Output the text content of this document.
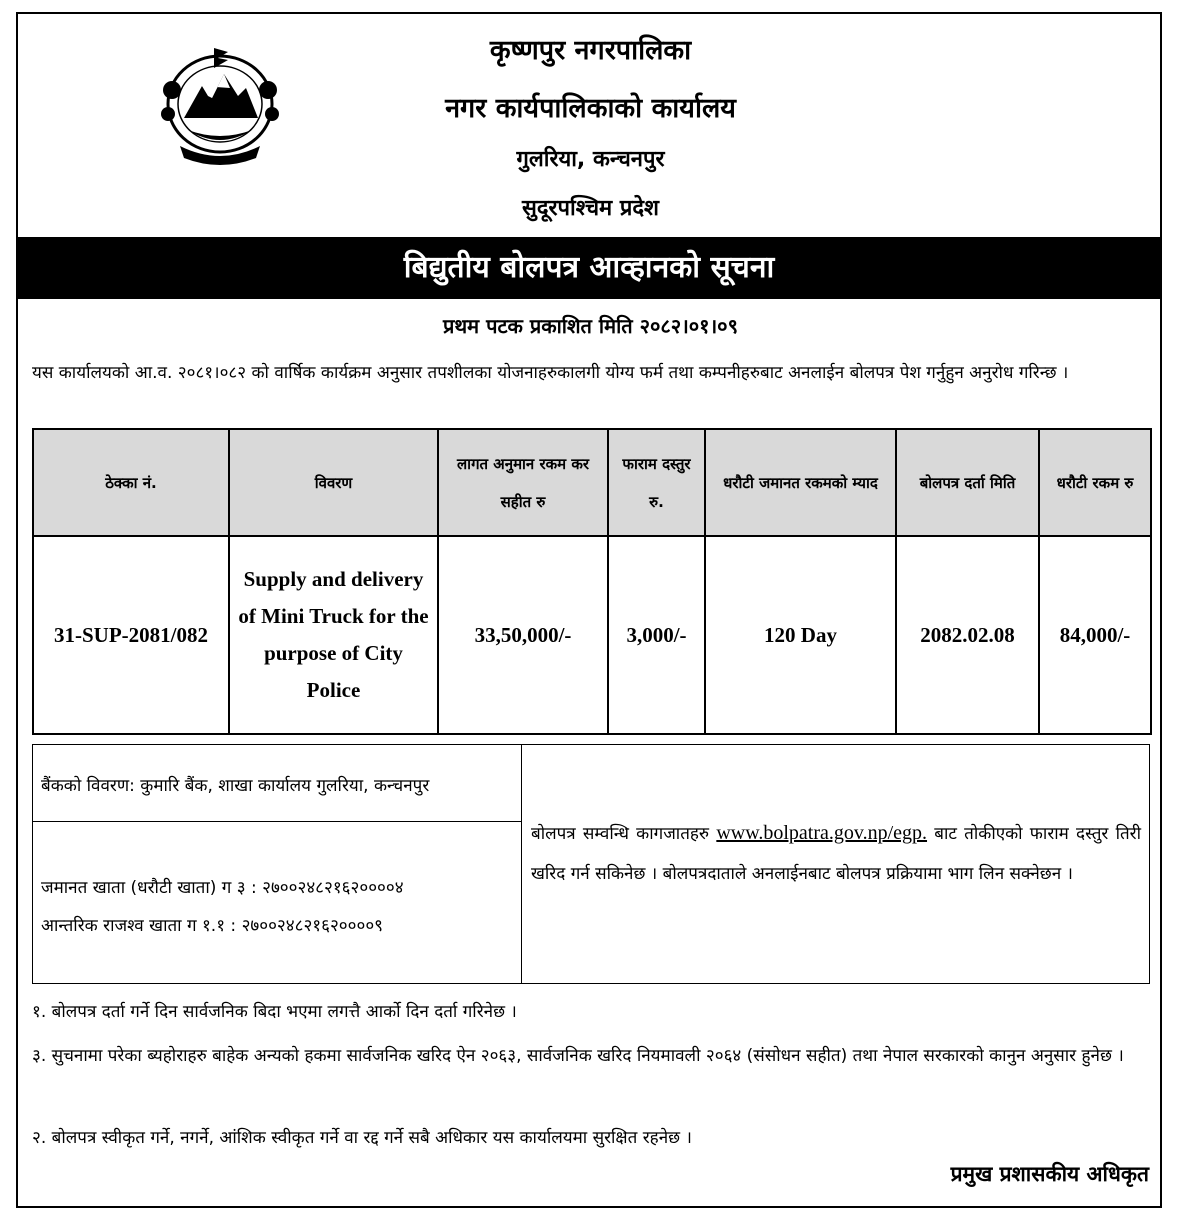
कृष्णपुर नगरपालिका
नगर कार्यपालिकाको कार्यालय
गुलरिया, कन्चनपुर
सुदूरपश्चिम प्रदेश
बिद्युतीय बोलपत्र आव्हानको सूचना
प्रथम पटक प्रकाशित मिति २०८२।०१।०९
यस कार्यालयको आ.व. २०८१।०८२ को वार्षिक कार्यक्रम अनुसार तपशीलका योजनाहरुकालगी योग्य फर्म तथा कम्पनीहरुबाट अनलाईन बोलपत्र पेश गर्नुहुन अनुरोध गरिन्छ ।
ठेक्का नं.	विवरण	लागत अनुमान रकम कर सहीत रु	फाराम दस्तुर रु.	धरौटी जमानत रकमको म्याद	बोलपत्र दर्ता मिति	धरौटी रकम रु
31-SUP-2081/082	Supply and delivery of Mini Truck for the purpose of City Police	33,50,000/-	3,000/-	120 Day	2082.02.08	84,000/-
बैंकको विवरण: कुमारि बैंक, शाखा कार्यालय गुलरिया, कन्चनपुर
जमानत खाता (धरौटी खाता) ग ३ : २७००२४८२१६२००००४
आन्तरिक राजश्व खाता ग १.१ : २७००२४८२१६२००००९
बोलपत्र सम्वन्धि कागजातहरु www.bolpatra.gov.np/egp. बाट तोकीएको फाराम दस्तुर तिरी खरिद गर्न सकिनेछ । बोलपत्रदाताले अनलाईनबाट बोलपत्र प्रक्रियामा भाग लिन सक्नेछन ।
१. बोलपत्र दर्ता गर्ने दिन सार्वजनिक बिदा भएमा लगत्तै आर्को दिन दर्ता गरिनेछ ।
३. सुचनामा परेका ब्यहोराहरु बाहेक अन्यको हकमा सार्वजनिक खरिद ऐन २०६३, सार्वजनिक खरिद नियमावली २०६४ (संसोधन सहीत) तथा नेपाल सरकारको कानुन अनुसार हुनेछ ।
२. बोलपत्र स्वीकृत गर्ने, नगर्ने, आंशिक स्वीकृत गर्ने वा रद्द गर्ने सबै अधिकार यस कार्यालयमा सुरक्षित रहनेछ ।
प्रमुख प्रशासकीय अधिकृत
